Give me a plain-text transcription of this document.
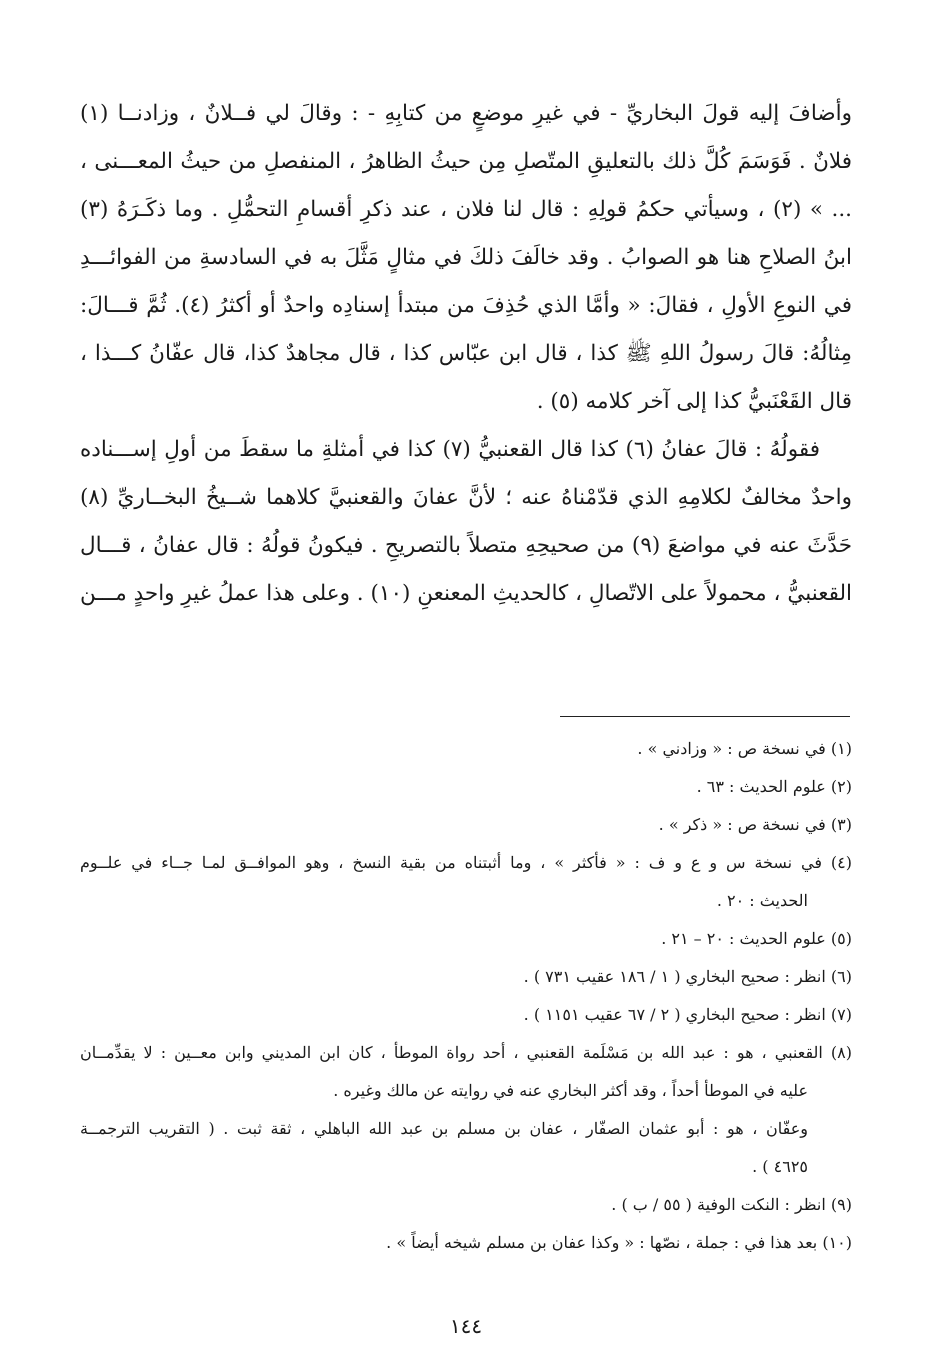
وأضافَ إليه قولَ البخاريِّ - في غيرِ موضعٍ من كتابِهِ - : وقالَ لي فــلانٌ ، وزادنــا (١)
فلانٌ . فَوَسَمَ كُلَّ ذلك بالتعليقِ المتّصلِ مِن حيثُ الظاهرُ ، المنفصلِ من حيثُ المعـــنى ،
... » (٢) ، وسيأتي حكمُ قولِهِ : قال لنا فلان ، عند ذكرِ أقسامِ التحمُّلِ . وما ذكَـرَهُ (٣)
ابنُ الصلاحِ هنا هو الصوابُ . وقد خالَفَ ذلكَ في مثالٍ مَثَّلَ به في السادسةِ من الفوائـــدِ
في النوعِ الأولِ ، فقالَ: « وأمَّا الذي حُذِفَ من مبتدأ إسنادِه واحدٌ أو أكثرُ (٤). ثُمَّ قـــالَ:
مِثالُهُ: قالَ رسولُ اللهِ ﷺ كذا ، قال ابن عبّاس كذا ، قال مجاهدٌ كذا، قال عفّانُ كـــذا ،
قال القَعْنَبيُّ كذا إلى آخر كلامه (٥) .
فقولُهُ : قالَ عفانُ (٦) كذا قال القعنبيُّ (٧) كذا في أمثلةِ ما سقطَ من أولِ إســـناده
واحدٌ مخالفٌ لكلامِهِ الذي قدّمْناهُ عنه ؛ لأنَّ عفانَ والقعنبيَّ كلاهما شــيخُ البخــاريِّ (٨)
حَدَّثَ عنه في مواضعَ (٩) من صحيحِهِ متصلاً بالتصريحِ . فيكونُ قولُهُ : قال عفانُ ، قـــال
القعنبيُّ ، محمولاً على الاتّصالِ ، كالحديثِ المعنعنِ (١٠) . وعلى هذا عملُ غيرِ واحدٍ مـــن
(١) في نسخة ص : « وزادني » .
(٢) علوم الحديث : ٦٣ .
(٣) في نسخة ص : « ذكر » .
(٤) في نسخة س و ع و ف : « فأكثر » ، وما أثبتناه من بقية النسخ ، وهو الموافــق لمـا جــاء في علــوم
الحديث : ٢٠ .
(٥) علوم الحديث : ٢٠ – ٢١ .
(٦) انظر : صحيح البخاري ( ١ / ١٨٦ عقيب ٧٣١ ) .
(٧) انظر : صحيح البخاري ( ٢ / ٦٧ عقيب ١١٥١ ) .
(٨) القعنبي ، هو : عبد الله بن مَسْلَمة القعنبي ، أحد رواة الموطأ ، كان ابن المديني وابن معــين : لا يقدِّمــان
عليه في الموطأ أحداً ، وقد أكثر البخاري عنه في روايته عن مالك وغيره .
وعفّان ، هو : أبو عثمان الصفّار ، عفان بن مسلم بن عبد الله الباهلي ، ثقة ثبت . ( التقريب الترجمــة
٤٦٢٥ ) .
(٩) انظر : النكت الوفية ( ٥٥ / ب ) .
(١٠) بعد هذا في : جملة ، نصّها : « وكذا عفان بن مسلم شيخه أيضاً » .
١٤٤
